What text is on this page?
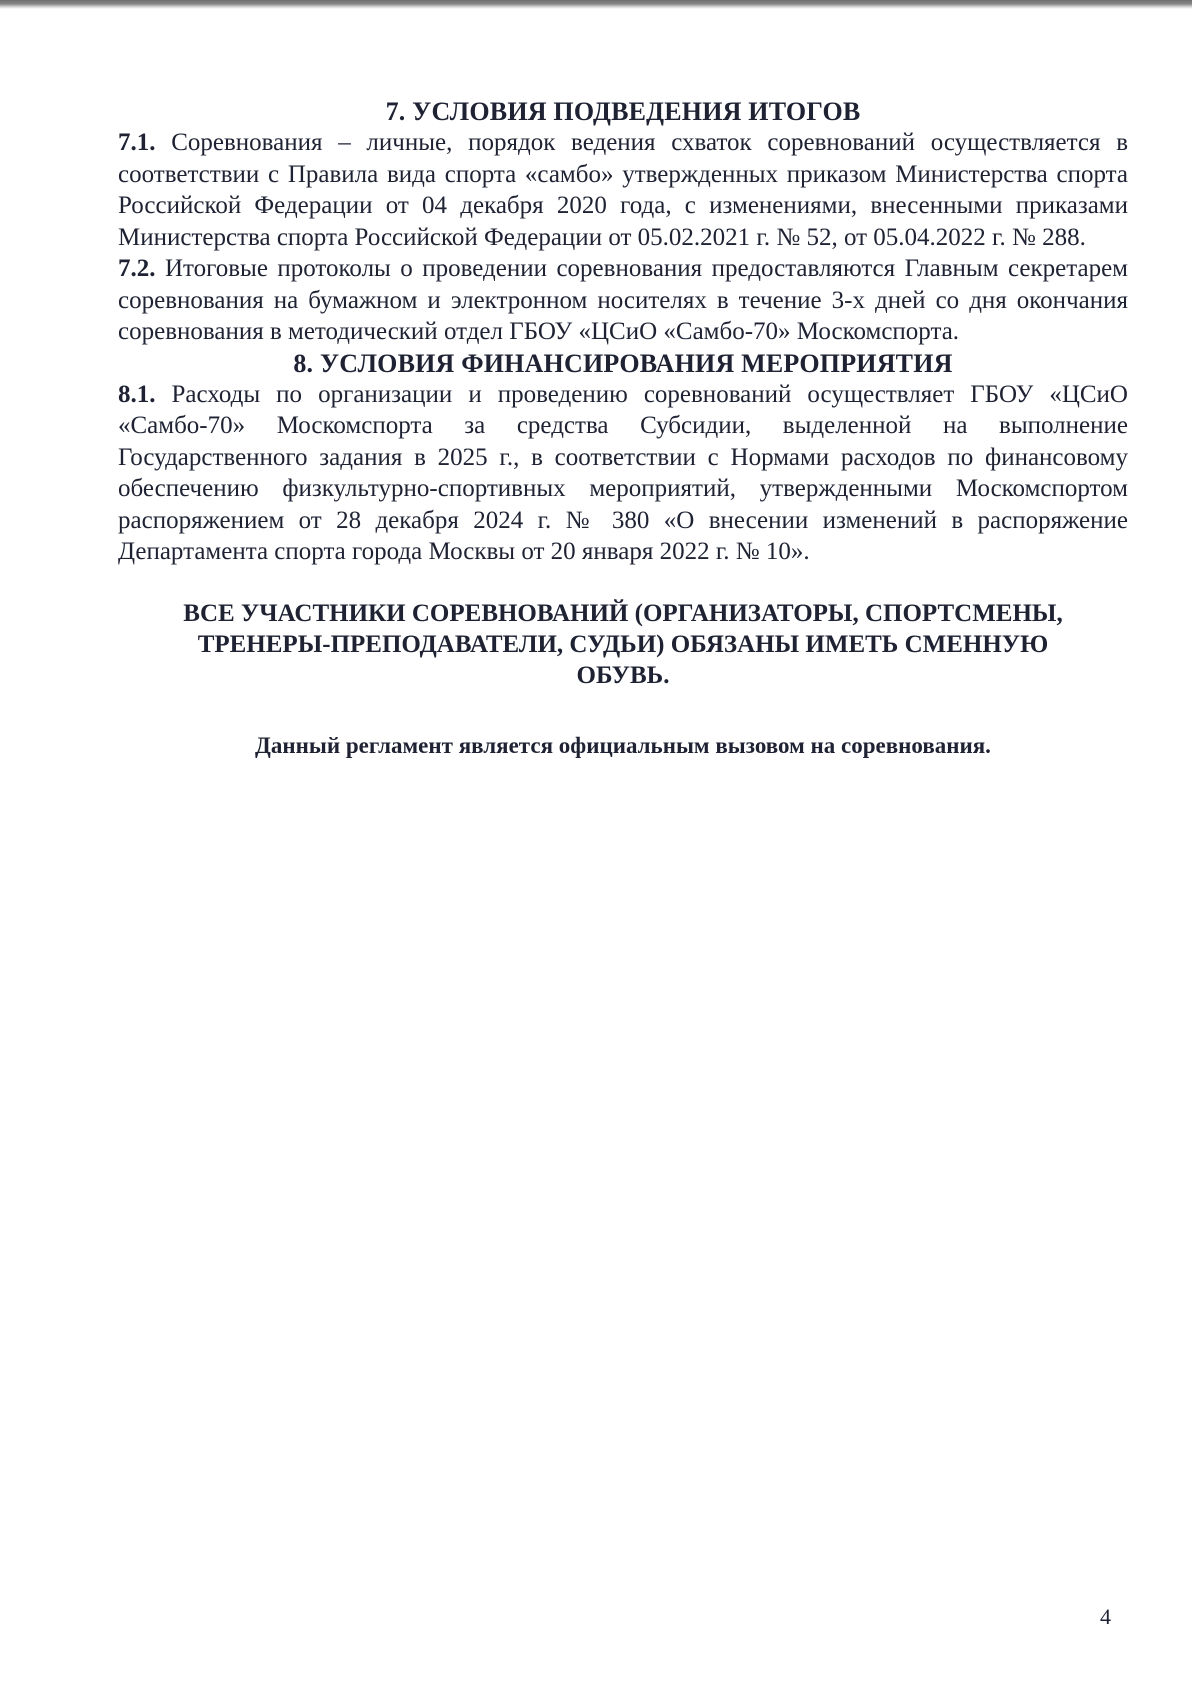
7. УСЛОВИЯ ПОДВЕДЕНИЯ ИТОГОВ
7.1. Соревнования – личные, порядок ведения схваток соревнований осуществляется в соответствии с Правила вида спорта «самбо» утвержденных приказом Министерства спорта Российской Федерации от 04 декабря 2020 года, с изменениями, внесенными приказами Министерства спорта Российской Федерации от 05.02.2021 г. № 52, от 05.04.2022 г. № 288.
7.2. Итоговые протоколы о проведении соревнования предоставляются Главным секретарем соревнования на бумажном и электронном носителях в течение 3-х дней со дня окончания соревнования в методический отдел ГБОУ «ЦСиО «Самбо-70» Москомспорта.
8. УСЛОВИЯ ФИНАНСИРОВАНИЯ МЕРОПРИЯТИЯ
8.1. Расходы по организации и проведению соревнований осуществляет ГБОУ «ЦСиО «Самбо-70» Москомспорта за средства Субсидии, выделенной на выполнение Государственного задания в 2025 г., в соответствии с Нормами расходов по финансовому обеспечению физкультурно-спортивных мероприятий, утвержденными Москомспортом распоряжением от 28 декабря 2024 г. № 380 «О внесении изменений в распоряжение Департамента спорта города Москвы от 20 января 2022 г. № 10».
ВСЕ УЧАСТНИКИ СОРЕВНОВАНИЙ (ОРГАНИЗАТОРЫ, СПОРТСМЕНЫ,
ТРЕНЕРЫ-ПРЕПОДАВАТЕЛИ, СУДЬИ) ОБЯЗАНЫ ИМЕТЬ СМЕННУЮ
ОБУВЬ.
Данный регламент является официальным вызовом на соревнования.
4
